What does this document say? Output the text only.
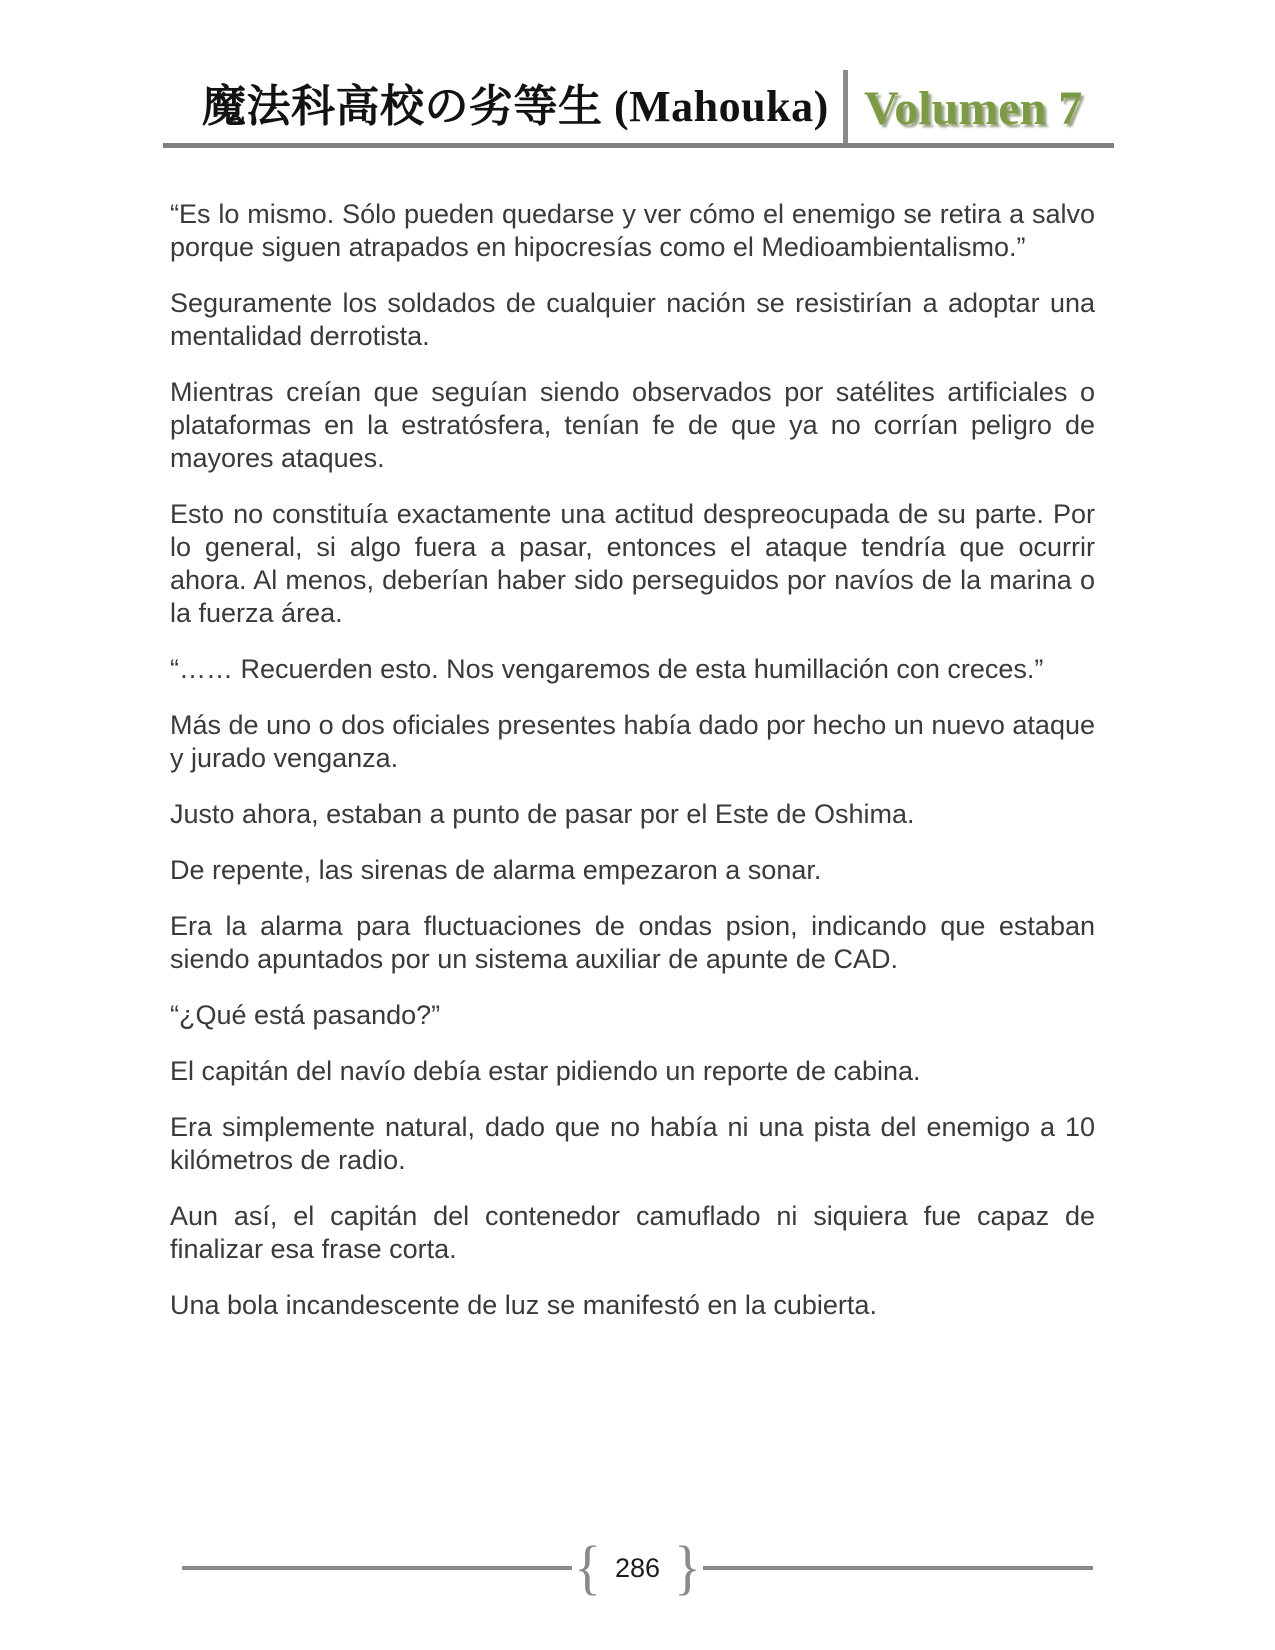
魔法科高校の劣等生 (Mahouka) Volumen 7

“Es lo mismo. Sólo pueden quedarse y ver cómo el enemigo se retira a salvo porque siguen atrapados en hipocresías como el Medioambientalismo.”

Seguramente los soldados de cualquier nación se resistirían a adoptar una mentalidad derrotista.

Mientras creían que seguían siendo observados por satélites artificiales o plataformas en la estratósfera, tenían fe de que ya no corrían peligro de mayores ataques.

Esto no constituía exactamente una actitud despreocupada de su parte. Por lo general, si algo fuera a pasar, entonces el ataque tendría que ocurrir ahora. Al menos, deberían haber sido perseguidos por navíos de la marina o la fuerza área.

“…… Recuerden esto. Nos vengaremos de esta humillación con creces.”

Más de uno o dos oficiales presentes había dado por hecho un nuevo ataque y jurado venganza.

Justo ahora, estaban a punto de pasar por el Este de Oshima.

De repente, las sirenas de alarma empezaron a sonar.

Era la alarma para fluctuaciones de ondas psion, indicando que estaban siendo apuntados por un sistema auxiliar de apunte de CAD.

“¿Qué está pasando?”

El capitán del navío debía estar pidiendo un reporte de cabina.

Era simplemente natural, dado que no había ni una pista del enemigo a 10 kilómetros de radio.

Aun así, el capitán del contenedor camuflado ni siquiera fue capaz de finalizar esa frase corta.

Una bola incandescente de luz se manifestó en la cubierta.

{ 286 }
